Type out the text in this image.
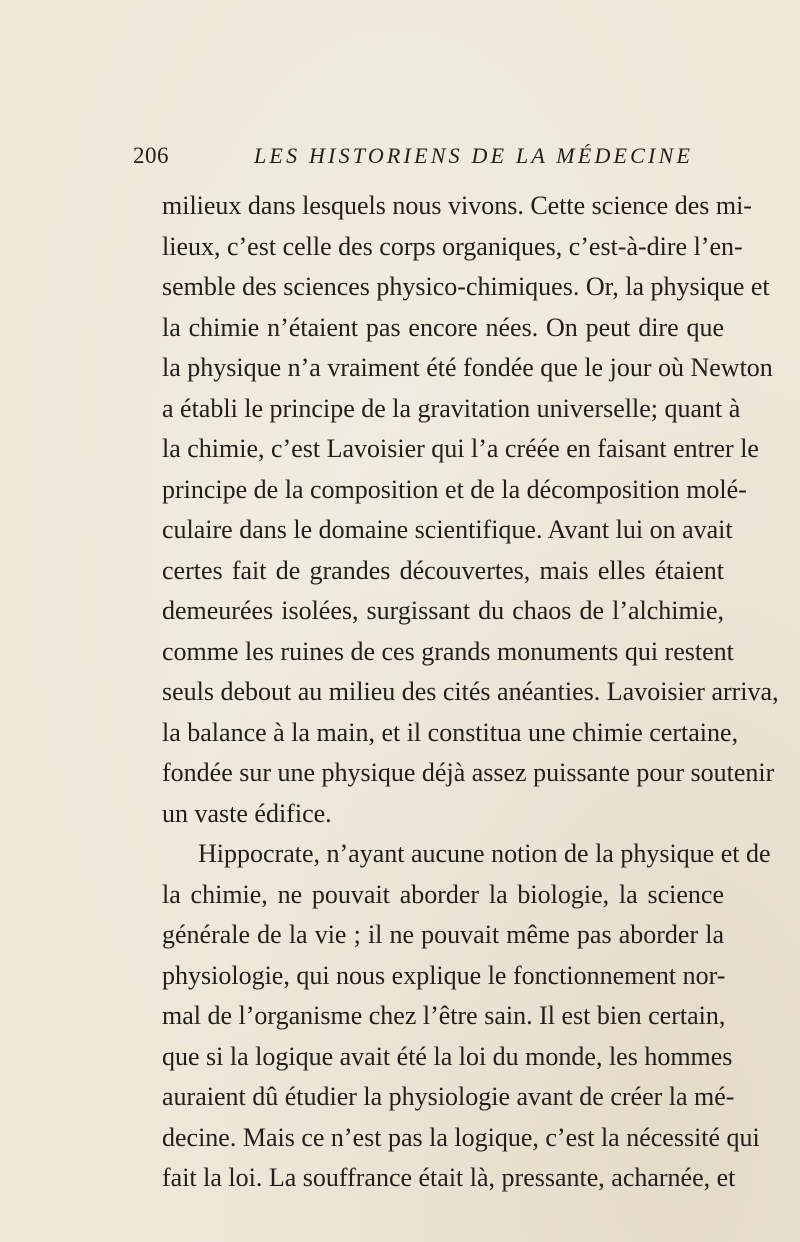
206	LES HISTORIENS DE LA MÉDECINE
milieux dans lesquels nous vivons. Cette science des mi-
lieux, c’est celle des corps organiques, c’est-à-dire l’en-
semble des sciences physico-chimiques. Or, la physique et
la chimie n’étaient pas encore nées. On peut dire que
la physique n’a vraiment été fondée que le jour où Newton
a établi le principe de la gravitation universelle; quant à
la chimie, c’est Lavoisier qui l’a créée en faisant entrer le
principe de la composition et de la décomposition molé-
culaire dans le domaine scientifique. Avant lui on avait
certes fait de grandes découvertes, mais elles étaient
demeurées isolées, surgissant du chaos de l’alchimie,
comme les ruines de ces grands monuments qui restent
seuls debout au milieu des cités anéanties. Lavoisier arriva,
la balance à la main, et il constitua une chimie certaine,
fondée sur une physique déjà assez puissante pour soutenir
un vaste édifice.
Hippocrate, n’ayant aucune notion de la physique et de
la chimie, ne pouvait aborder la biologie, la science
générale de la vie ; il ne pouvait même pas aborder la
physiologie, qui nous explique le fonctionnement nor-
mal de l’organisme chez l’être sain. Il est bien certain,
que si la logique avait été la loi du monde, les hommes
auraient dû étudier la physiologie avant de créer la mé-
decine. Mais ce n’est pas la logique, c’est la nécessité qui
fait la loi. La souffrance était là, pressante, acharnée, et
